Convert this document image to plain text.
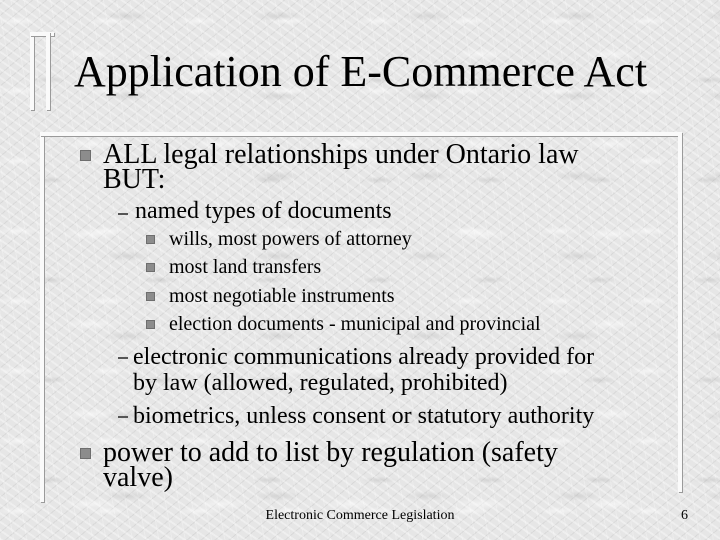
Application of E-Commerce Act
ALL legal relationships under Ontario law
BUT:
named types of documents
wills, most powers of attorney
most land transfers
most negotiable instruments
election documents - municipal and provincial
electronic communications already provided for
by law (allowed, regulated, prohibited)
biometrics, unless consent or statutory authority
power to add to list by regulation (safety
valve)
Electronic Commerce Legislation	6
